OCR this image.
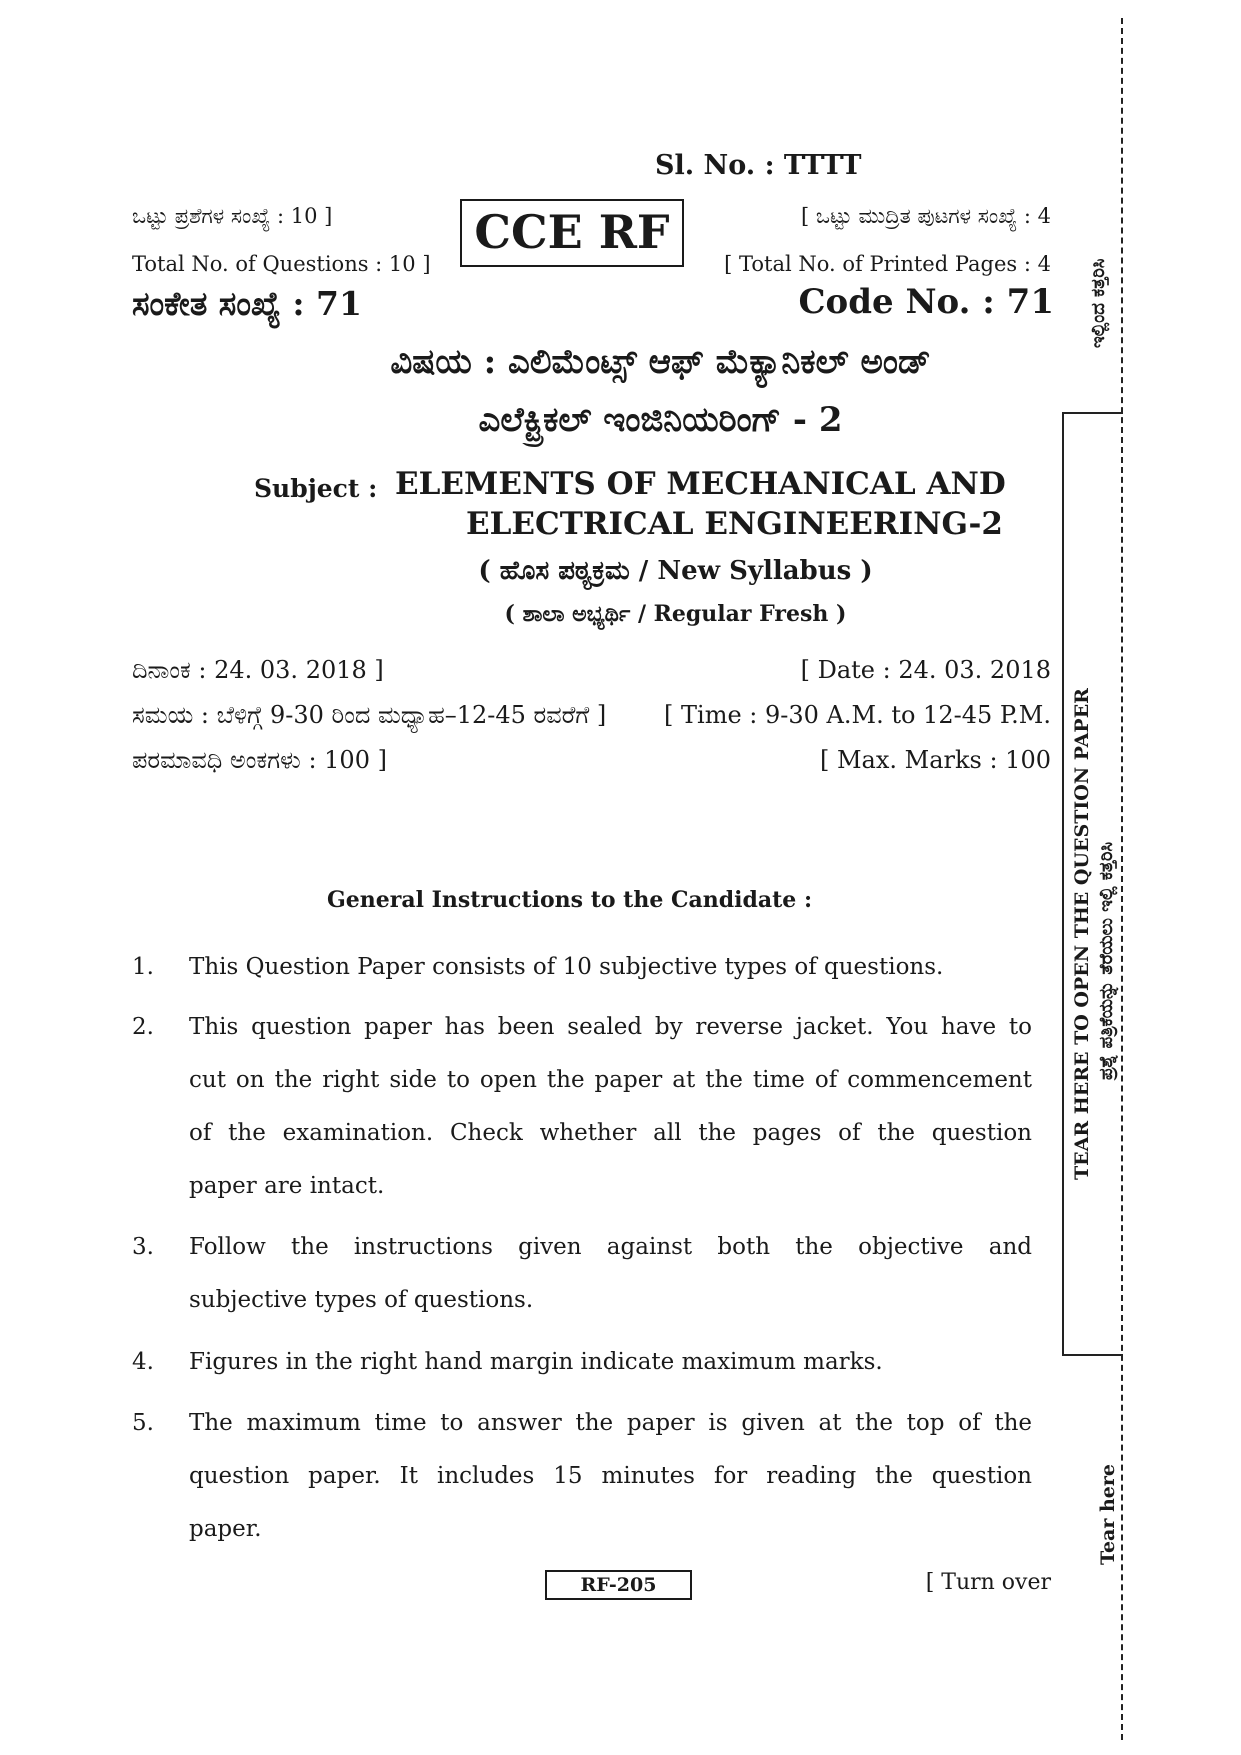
Sl. No. : TTTT
CCE RF
ಒಟ್ಟು ಪ್ರಶೆಗಳ ಸಂಖ್ಯೆ : 10 ]
Total No. of Questions : 10 ]
[ ಒಟ್ಟು ಮುದ್ರಿತ ಪುಟಗಳ ಸಂಖ್ಯೆ : 4
[ Total No. of Printed Pages : 4
ಸಂಕೇತ ಸಂಖ್ಯೆ : 71	Code No. : 71
ವಿಷಯ : ಎಲಿಮೆಂಟ್ಸ್ ಆಫ್ ಮೆಕ್ಯಾನಿಕಲ್ ಅಂಡ್
ಎಲೆಕ್ಟ್ರಿಕಲ್ ಇಂಜಿನಿಯರಿಂಗ್ - 2
Subject : ELEMENTS OF MECHANICAL AND
ELECTRICAL ENGINEERING-2
( ಹೊಸ ಪಠ್ಯಕ್ರಮ / New Syllabus )
( ಶಾಲಾ ಅಭ್ಯರ್ಥಿ / Regular Fresh )
ದಿನಾಂಕ : 24. 03. 2018 ]	[ Date : 24. 03. 2018
ಸಮಯ : ಬೆಳಿಗ್ಗೆ 9-30 ರಿಂದ ಮಧ್ಯಾಹ–12-45 ರವರೆಗೆ ] [ Time : 9-30 A.M. to 12-45 P.M.
ಪರಮಾವಧಿ ಅಂಕಗಳು : 100 ]	[ Max. Marks : 100
General Instructions to the Candidate :
1. This Question Paper consists of 10 subjective types of questions.
2. This question paper has been sealed by reverse jacket. You have to
cut on the right side to open the paper at the time of commencement
of the examination. Check whether all the pages of the question
paper are intact.
3. Follow the instructions given against both the objective and
subjective types of questions.
4. Figures in the right hand margin indicate maximum marks.
5. The maximum time to answer the paper is given at the top of the
question paper. It includes 15 minutes for reading the question
paper.
RF-205	[ Turn over
ಇಲ್ಲಿಂದ ಕತ್ತರಿಸಿ
TEAR HERE TO OPEN THE QUESTION PAPER ಪ್ರಶ್ನೆ ಪತ್ರಿಕೆಯನ್ನು ತೆರೆಯಲು ಇಲ್ಲಿ ಕತ್ತರಿಸಿ
Tear here
